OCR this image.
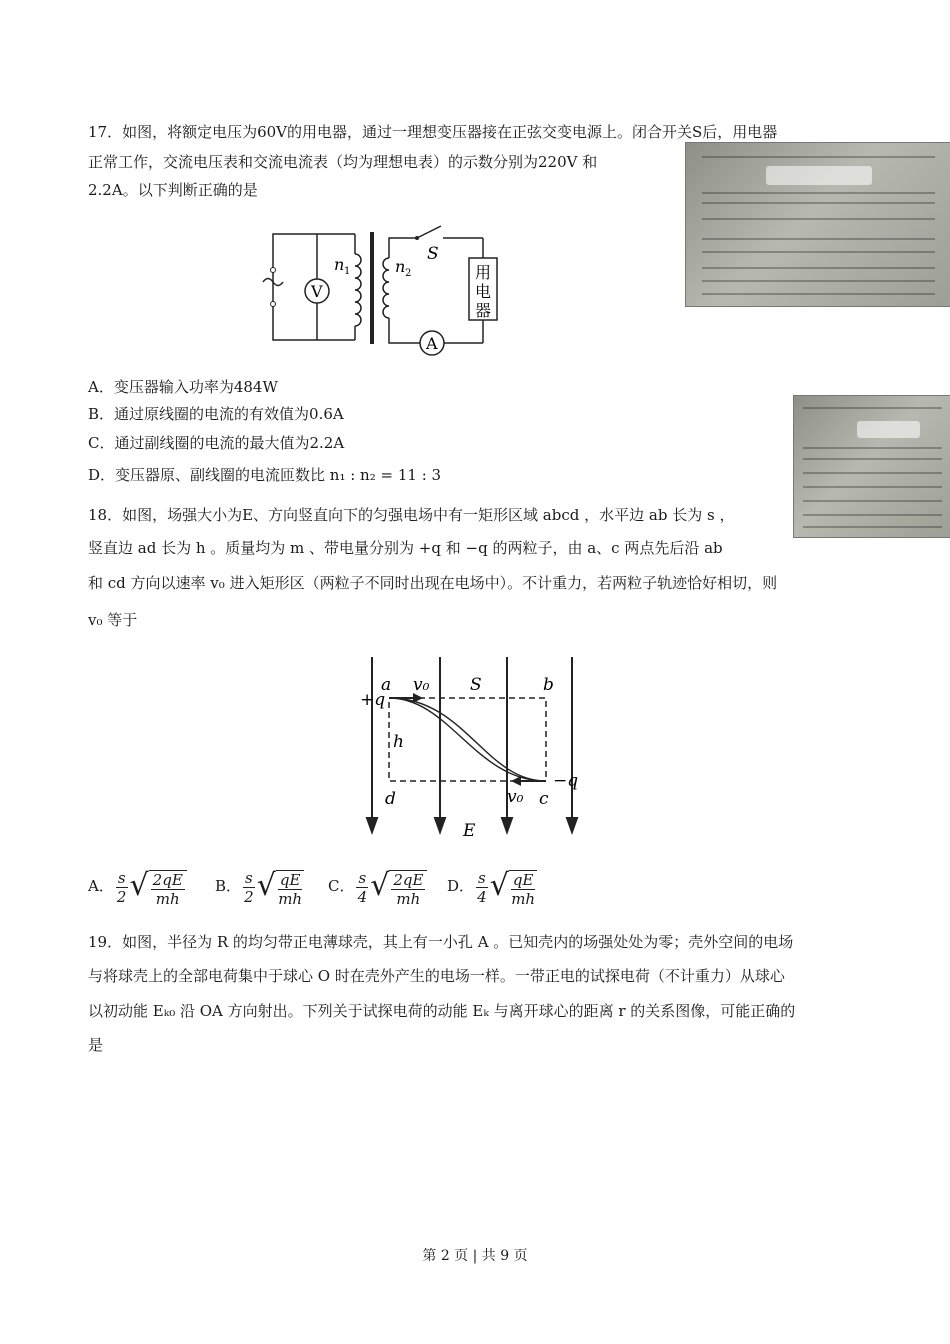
17．如图，将额定电压为60V的用电器，通过一理想变压器接在正弦交变电源上。闭合开关S后，用电器
正常工作，交流电压表和交流电流表（均为理想电表）的示数分别为220V 和
2.2A。以下判断正确的是
V
A
S
n 1	n 2	用
电
器
A．变压器输入功率为484W
B．通过原线圈的电流的有效值为0.6A
C．通过副线圈的电流的最大值为2.2A
D．变压器原、副线圈的电流匝数比 n₁ : n₂ = 11 : 3
18．如图，场强大小为E、方向竖直向下的匀强电场中有一矩形区域 abcd ，水平边 ab 长为 s ，
竖直边 ad 长为 h 。质量均为 m 、带电量分别为 +q 和 −q 的两粒子，由 a、c 两点先后沿 ab
和 cd 方向以速率 v₀ 进入矩形区（两粒子不同时出现在电场中）。不计重力，若两粒子轨迹恰好相切，则
v₀ 等于
a
+q
v₀ S	b
h
d	v₀ c
−q
E
A． $\frac{s}{2}$ √ $\frac{2qE}{mh}$ B． $\frac{s}{2}$ √ $\frac{qE}{mh}$ C． $\frac{s}{4}$ √ $\frac{2qE}{mh}$ D． $\frac{s}{4}$ √ $\frac{qE}{mh}$
19．如图，半径为 R 的均匀带正电薄球壳，其上有一小孔 A 。已知壳内的场强处处为零；壳外空间的电场
与将球壳上的全部电荷集中于球心 O 时在壳外产生的电场一样。一带正电的试探电荷（不计重力）从球心
以初动能 Eₖ₀ 沿 OA 方向射出。下列关于试探电荷的动能 Eₖ 与离开球心的距离 r 的关系图像，可能正确的
是
第 2 页 | 共 9 页
